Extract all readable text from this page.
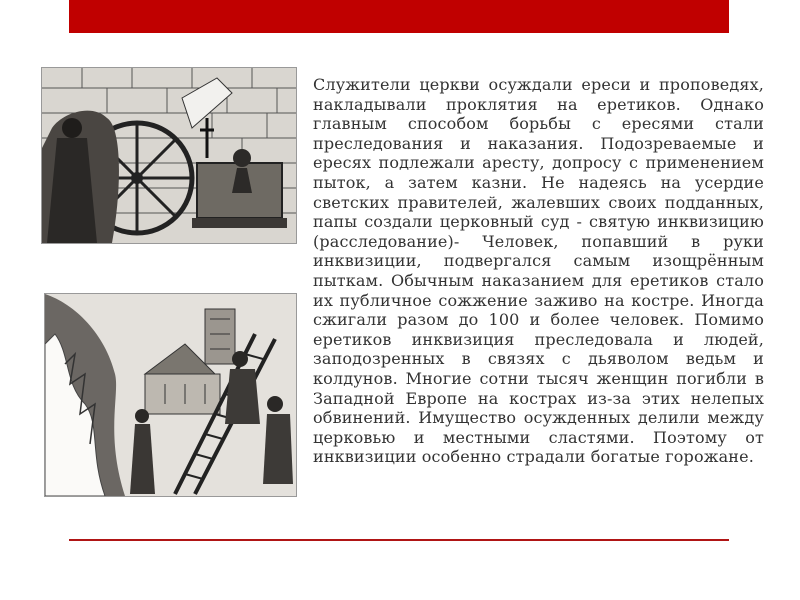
Служители церкви осуждали ереси и проповедях, накладывали проклятия на еретиков. Однако главным способом борьбы с ересями стали преследования и наказания. Подозреваемые и ересях подлежали аресту, допросу с применением пыток, а затем казни. Не надеясь на усердие светских правителей, жалевших своих подданных, папы создали церковный суд - святую инквизицию (расследование)- Человек, попавший в руки инквизиции, подвергался самым изощрённым пыткам. Обычным наказанием для еретиков стало их публичное сожжение заживо на костре. Иногда сжигали разом до 100 и более человек. Помимо еретиков инквизиция преследовала и людей, заподозренных в связях с дьяволом ведьм и колдунов. Многие сотни тысяч женщин погибли в Западной Европе на кострах из-за этих нелепых обвинений. Имущество осужденных делили между церковью и местными сластями. Поэтому от инквизиции особенно страдали богатые горожане.
